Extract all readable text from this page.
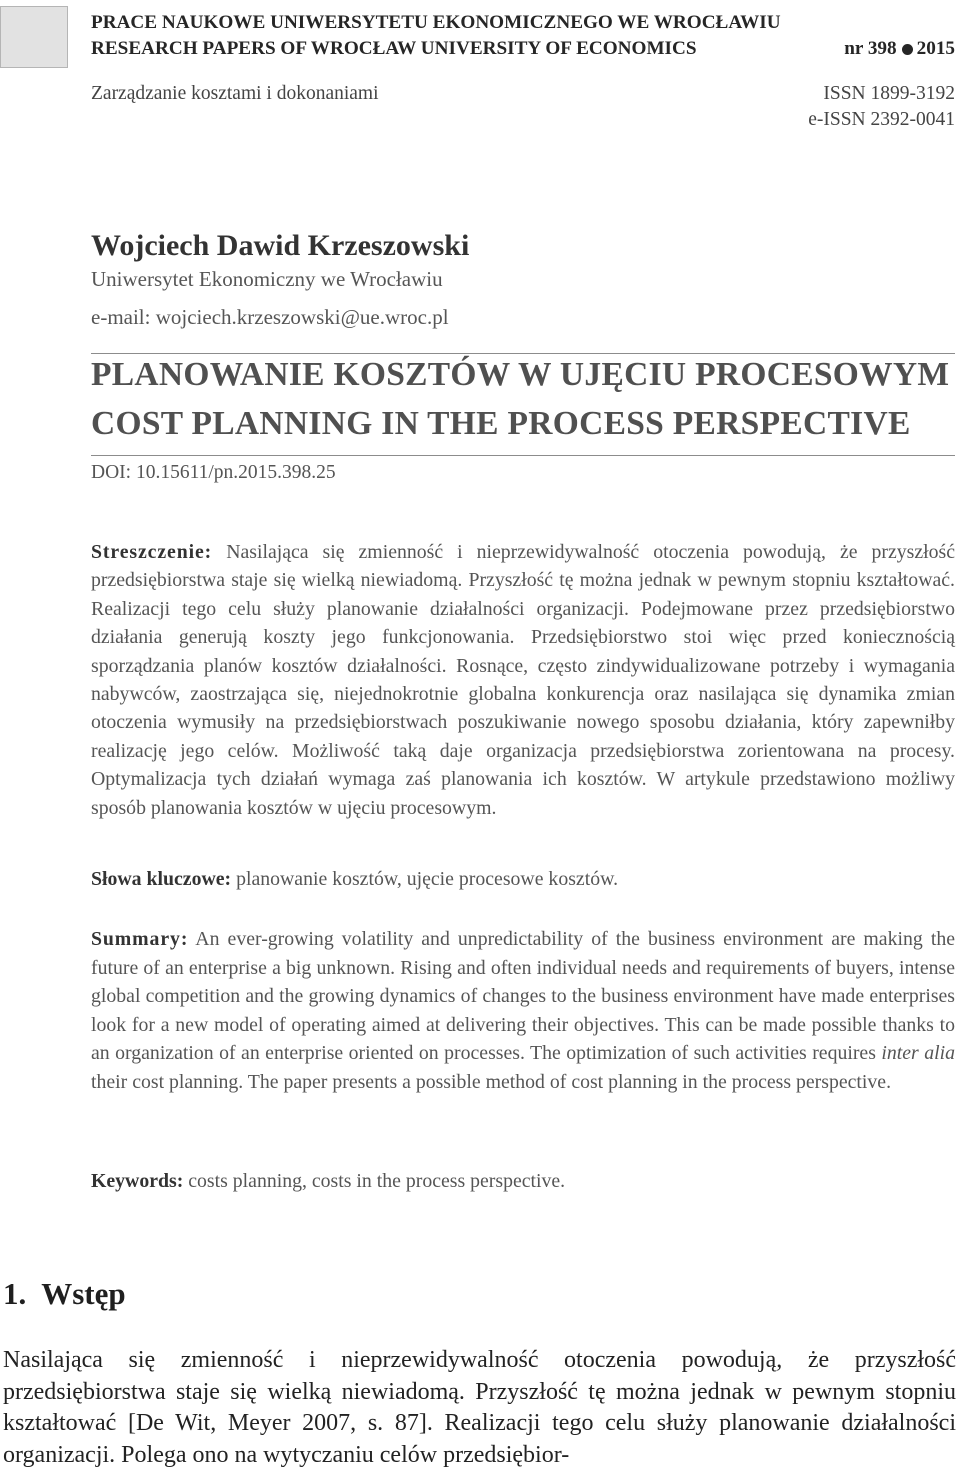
PRACE NAUKOWE UNIWERSYTETU EKONOMICZNEGO WE WROCŁAWIU
RESEARCH PAPERS OF WROCŁAW UNIVERSITY OF ECONOMICS	nr 398 2015
Zarządzanie kosztami i dokonaniami	ISSN 1899-3192
e-ISSN 2392-0041
Wojciech Dawid Krzeszowski
Uniwersytet Ekonomiczny we Wrocławiu
e-mail: wojciech.krzeszowski@ue.wroc.pl
PLANOWANIE KOSZTÓW W UJĘCIU PROCESOWYM
COST PLANNING IN THE PROCESS PERSPECTIVE
DOI: 10.15611/pn.2015.398.25
Streszczenie: Nasilająca się zmienność i nieprzewidywalność otoczenia powodują, że przyszłość przedsiębiorstwa staje się wielką niewiadomą. Przyszłość tę można jednak w pewnym stopniu kształtować. Realizacji tego celu służy planowanie działalności organizacji. Podejmowane przez przedsiębiorstwo działania generują koszty jego funkcjonowania. Przedsiębiorstwo stoi więc przed koniecznością sporządzania planów kosztów działalności. Rosnące, często zindywidualizowane potrzeby i wymagania nabywców, zaostrzająca się, niejednokrotnie globalna konkurencja oraz nasilająca się dynamika zmian otoczenia wymusiły na przedsiębiorstwach poszukiwanie nowego sposobu działania, który zapewniłby realizację jego celów. Możliwość taką daje organizacja przedsiębiorstwa zorientowana na procesy. Optymalizacja tych działań wymaga zaś planowania ich kosztów. W artykule przedstawiono możliwy sposób planowania kosztów w ujęciu procesowym.
Słowa kluczowe: planowanie kosztów, ujęcie procesowe kosztów.
Summary: An ever-growing volatility and unpredictability of the business environment are making the future of an enterprise a big unknown. Rising and often individual needs and requirements of buyers, intense global competition and the growing dynamics of changes to the business environment have made enterprises look for a new model of operating aimed at delivering their objectives. This can be made possible thanks to an organization of an enterprise oriented on processes. The optimization of such activities requires inter alia their cost planning. The paper presents a possible method of cost planning in the process perspective.
Keywords: costs planning, costs in the process perspective.
1.  Wstęp
Nasilająca się zmienność i nieprzewidywalność otoczenia powodują, że przyszłość przedsiębiorstwa staje się wielką niewiadomą. Przyszłość tę można jednak w pewnym stopniu kształtować [De Wit, Meyer 2007, s. 87]. Realizacji tego celu służy planowanie działalności organizacji. Polega ono na wytyczaniu celów przedsiębior-
